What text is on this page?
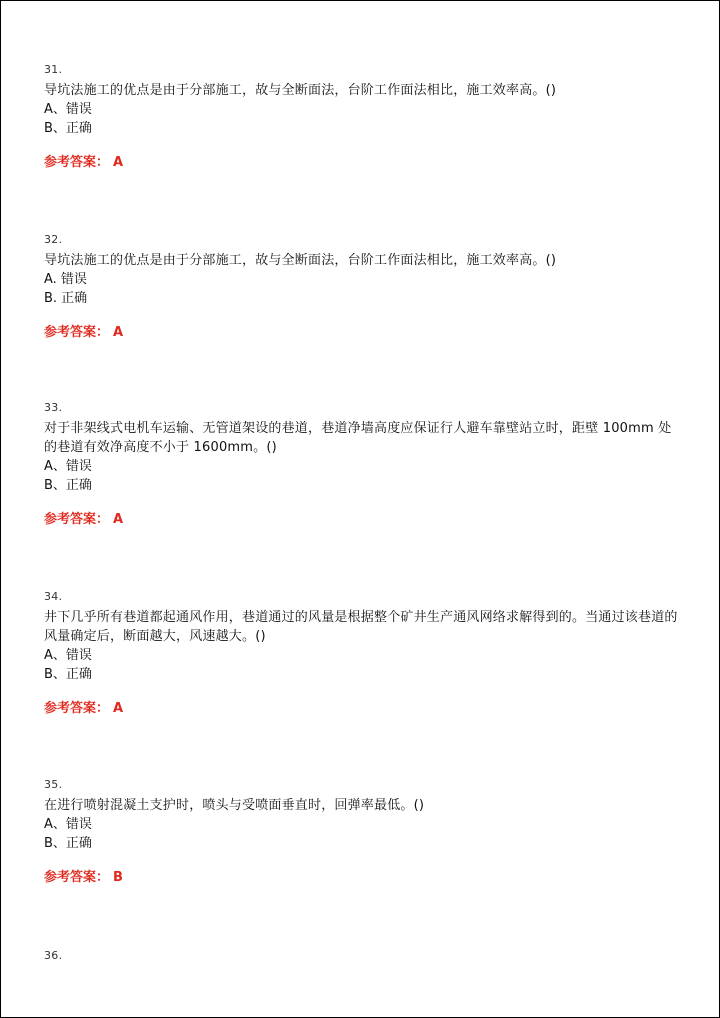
31.
导坑法施工的优点是由于分部施工，故与全断面法，台阶工作面法相比，施工效率高。()
A、错误
B、正确
参考答案： A
32.
导坑法施工的优点是由于分部施工，故与全断面法，台阶工作面法相比，施工效率高。()
A. 错误
B. 正确
参考答案： A
33.
对于非架线式电机车运输、无管道架设的巷道，巷道净墙高度应保证行人避车靠壁站立时，距壁 100mm 处的巷道有效净高度不小于 1600mm。()
A、错误
B、正确
参考答案： A
34.
井下几乎所有巷道都起通风作用，巷道通过的风量是根据整个矿井生产通风网络求解得到的。当通过该巷道的风量确定后，断面越大，风速越大。()
A、错误
B、正确
参考答案： A
35.
在进行喷射混凝土支护时，喷头与受喷面垂直时，回弹率最低。()
A、错误
B、正确
参考答案： B
36.
